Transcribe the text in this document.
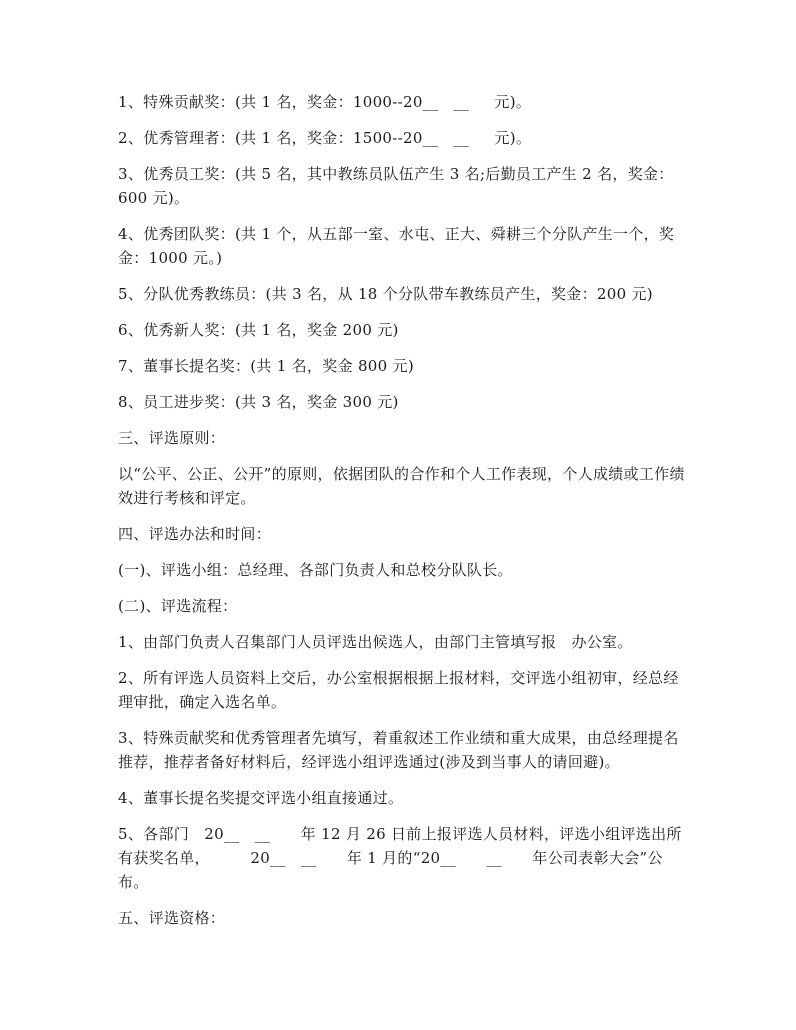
1、特殊贡献奖：(共 1 名，奖金：1000--20__   __     元)。

2、优秀管理者：(共 1 名，奖金：1500--20__   __     元)。

3、优秀员工奖：(共 5 名，其中教练员队伍产生 3 名;后勤员工产生 2 名，奖金：600 元)。

4、优秀团队奖：(共 1 个，从五部一室、水屯、正大、舜耕三个分队产生一个，奖金：1000 元。)

5、分队优秀教练员：(共 3 名，从 18 个分队带车教练员产生，奖金：200 元)

6、优秀新人奖：(共 1 名，奖金 200 元)

7、董事长提名奖：(共 1 名，奖金 800 元)

8、员工进步奖：(共 3 名，奖金 300 元)

三、评选原则：

以“公平、公正、公开”的原则，依据团队的合作和个人工作表现，个人成绩或工作绩效进行考核和评定。

四、评选办法和时间：

(一)、评选小组：总经理、各部门负责人和总校分队队长。

(二)、评选流程：

1、由部门负责人召集部门人员评选出候选人，由部门主管填写报   办公室。

2、所有评选人员资料上交后，办公室根据根据上报材料，交评选小组初审，经总经理审批，确定入选名单。

3、特殊贡献奖和优秀管理者先填写，着重叙述工作业绩和重大成果，由总经理提名推荐，推荐者备好材料后，经评选小组评选通过(涉及到当事人的请回避)。

4、董事长提名奖提交评选小组直接通过。

5、各部门   20__   __      年 12 月 26 日前上报评选人员材料，评选小组评选出所有获奖名单，        20__   __      年 1 月的“20__      __      年公司表彰大会”公布。

五、评选资格：
